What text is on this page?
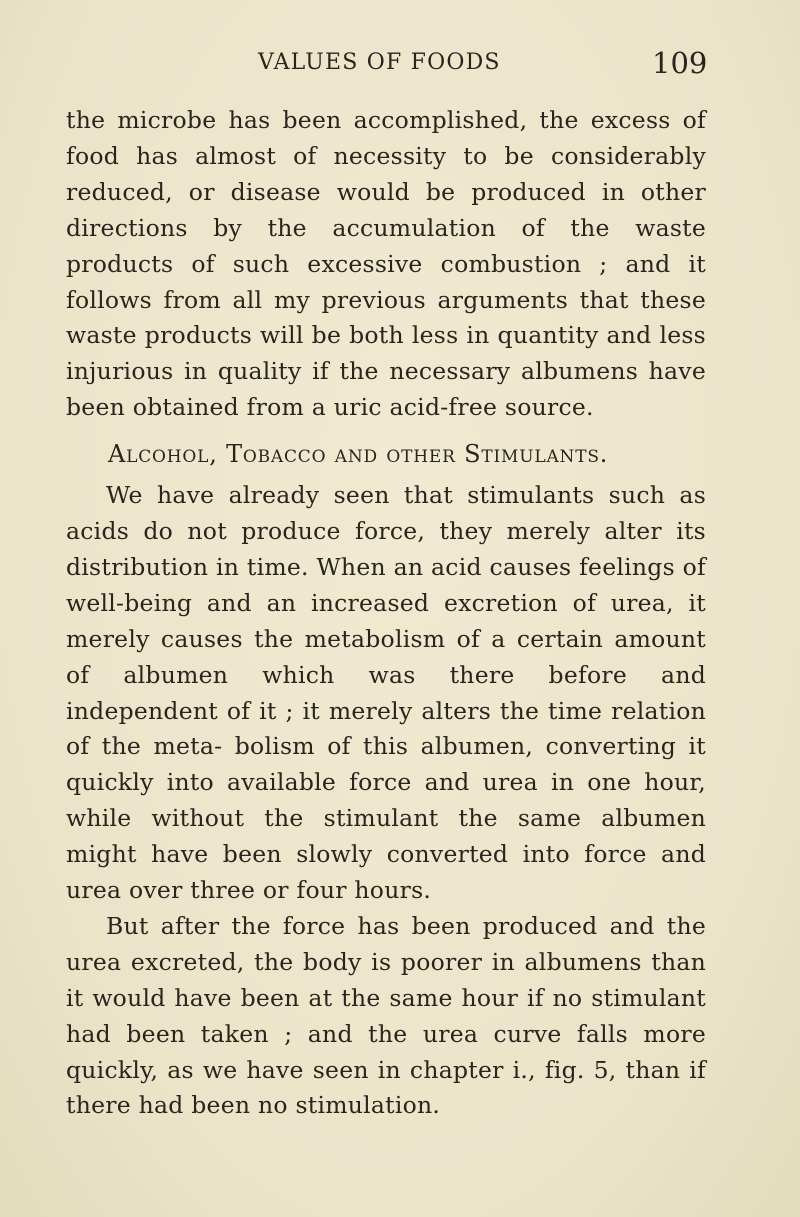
VALUES OF FOODS	109

the microbe has been accomplished, the excess of food has almost of necessity to be considerably reduced, or disease would be produced in other directions by the accumulation of the waste products of such excessive combustion ; and it follows from all my previous arguments that these waste products will be both less in quantity and less injurious in quality if the necessary albumens have been obtained from a uric acid-free source.

Alcohol, Tobacco and other Stimulants.

We have already seen that stimulants such as acids do not produce force, they merely alter its distribution in time. When an acid causes feelings of well-being and an increased excretion of urea, it merely causes the metabolism of a certain amount of albumen which was there before and independent of it ; it merely alters the time relation of the meta- bolism of this albumen, converting it quickly into available force and urea in one hour, while without the stimulant the same albumen might have been slowly converted into force and urea over three or four hours.

But after the force has been produced and the urea excreted, the body is poorer in albumens than it would have been at the same hour if no stimulant had been taken ; and the urea curve falls more quickly, as we have seen in chapter i., fig. 5, than if there had been no stimulation.
